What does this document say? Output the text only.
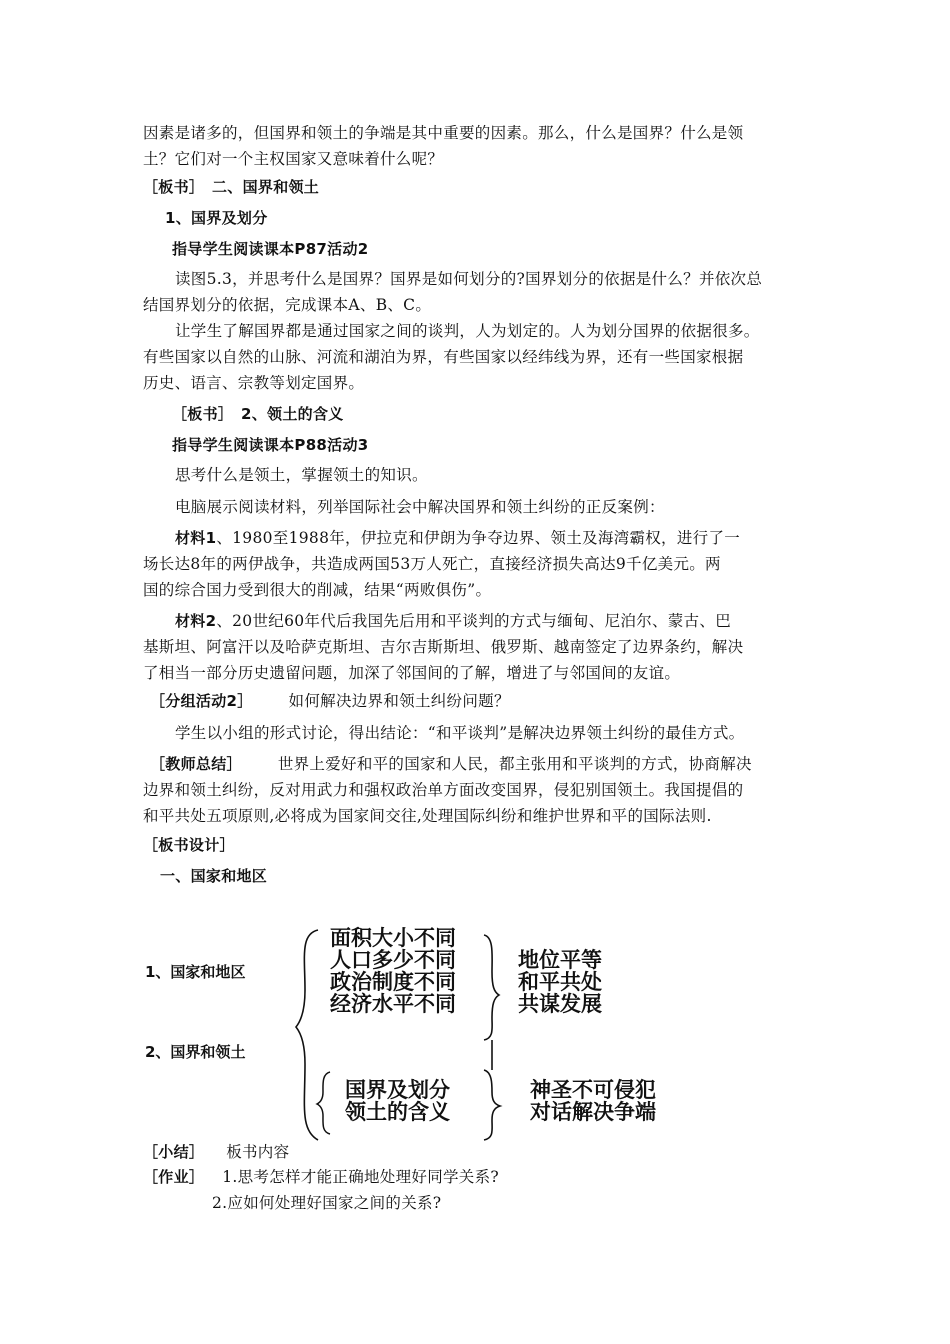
因素是诸多的，但国界和领土的争端是其中重要的因素。那么，什么是国界？什么是领
土？它们对一个主权国家又意味着什么呢？
［板书］　二、国界和领土
1、国界及划分
指导学生阅读课本P87活动2
读图5.3，并思考什么是国界？国界是如何划分的?国界划分的依据是什么？并依次总
结国界划分的依据，完成课本A、B、C。
让学生了解国界都是通过国家之间的谈判，人为划定的。人为划分国界的依据很多。
有些国家以自然的山脉、河流和湖泊为界，有些国家以经纬线为界，还有一些国家根据
历史、语言、宗教等划定国界。
［板书］　2、领土的含义
指导学生阅读课本P88活动3
思考什么是领土，掌握领土的知识。
电脑展示阅读材料，列举国际社会中解决国界和领土纠纷的正反案例：
材料1、1980至1988年，伊拉克和伊朗为争夺边界、领土及海湾霸权，进行了一
场长达8年的两伊战争，共造成两国53万人死亡，直接经济损失高达9千亿美元。两
国的综合国力受到很大的削减，结果“两败俱伤”。
材料2、20世纪60年代后我国先后用和平谈判的方式与缅甸、尼泊尔、蒙古、巴
基斯坦、阿富汗以及哈萨克斯坦、吉尔吉斯斯坦、俄罗斯、越南签定了边界条约，解决
了相当一部分历史遗留问题，加深了邻国间的了解，增进了与邻国间的友谊。
［分组活动2］ 如何解决边界和领土纠纷问题？
学生以小组的形式讨论，得出结论：“和平谈判”是解决边界领土纠纷的最佳方式。
［教师总结］ 世界上爱好和平的国家和人民，都主张用和平谈判的方式，协商解决
边界和领土纠纷，反对用武力和强权政治单方面改变国界，侵犯别国领土。我国提倡的
和平共处五项原则,必将成为国家间交往,处理国际纠纷和维护世界和平的国际法则.
［板书设计］
一、国家和地区
1、国家和地区
2、国界和领土
面积大小不同
人口多少不同
政治制度不同
经济水平不同
地位平等
和平共处
共谋发展
国界及划分
领土的含义
神圣不可侵犯
对话解决争端
［小结］ 板书内容
［作业］ 1.思考怎样才能正确地处理好同学关系?
2.应如何处理好国家之间的关系?
